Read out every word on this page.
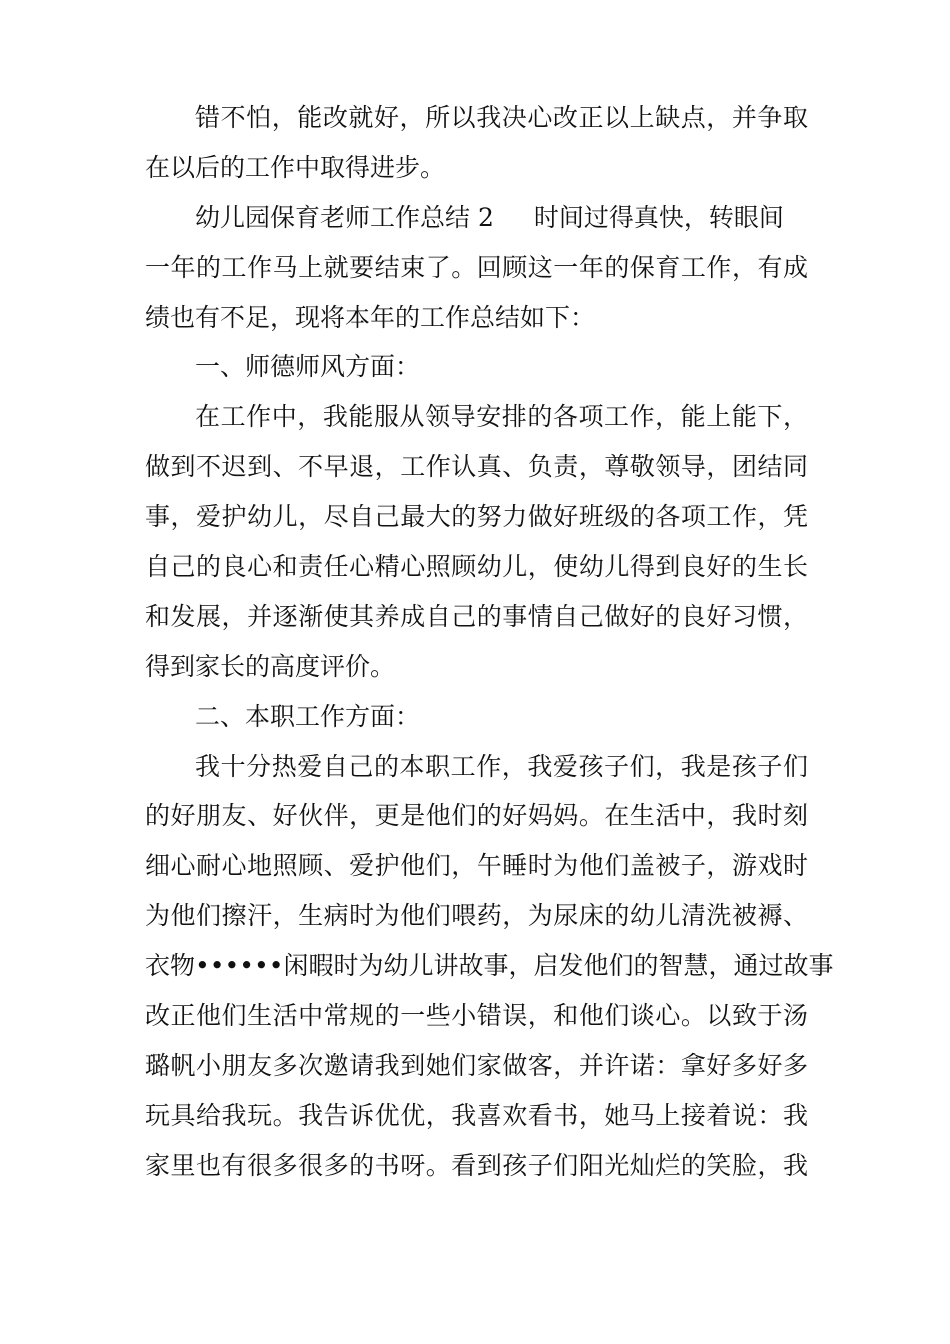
错不怕，能改就好，所以我决心改正以上缺点，并争取
在以后的工作中取得进步。
幼儿园保育老师工作总结 2 时间过得真快，转眼间
一年的工作马上就要结束了。回顾这一年的保育工作，有成
绩也有不足，现将本年的工作总结如下：
一、师德师风方面：
在工作中，我能服从领导安排的各项工作，能上能下，
做到不迟到、不早退，工作认真、负责，尊敬领导，团结同
事，爱护幼儿，尽自己最大的努力做好班级的各项工作，凭
自己的良心和责任心精心照顾幼儿，使幼儿得到良好的生长
和发展，并逐渐使其养成自己的事情自己做好的良好习惯，
得到家长的高度评价。
二、本职工作方面：
我十分热爱自己的本职工作，我爱孩子们，我是孩子们
的好朋友、好伙伴，更是他们的好妈妈。在生活中，我时刻
细心耐心地照顾、爱护他们，午睡时为他们盖被子，游戏时
为他们擦汗，生病时为他们喂药，为尿床的幼儿清洗被褥、
衣物••••••闲暇时为幼儿讲故事，启发他们的智慧，通过故事
改正他们生活中常规的一些小错误，和他们谈心。以致于汤
璐帆小朋友多次邀请我到她们家做客，并许诺：拿好多好多
玩具给我玩。我告诉优优，我喜欢看书，她马上接着说：我
家里也有很多很多的书呀。看到孩子们阳光灿烂的笑脸，我
